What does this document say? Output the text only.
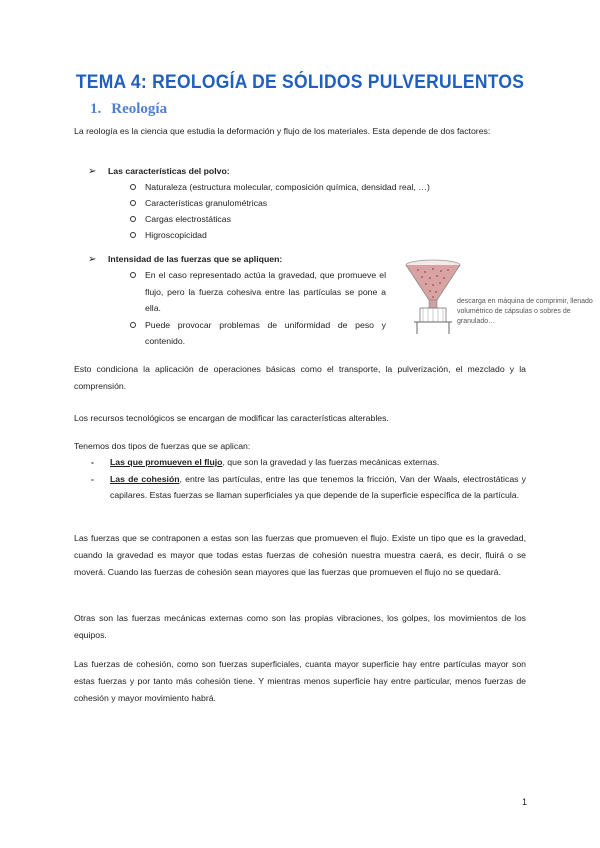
TEMA 4: REOLOGÍA DE SÓLIDOS PULVERULENTOS
1. Reología
La reología es la ciencia que estudia la deformación y flujo de los materiales. Esta depende de dos factores:
➢ Las características del polvo:
Naturaleza (estructura molecular, composición química, densidad real, …)
Características granulométricas
Cargas electrostáticas
Higroscopicidad
➢ Intensidad de las fuerzas que se apliquen:
En el caso representado actúa la gravedad, que promueve el flujo, pero la fuerza cohesiva entre las partículas se pone a ella.
Puede provocar problemas de uniformidad de peso y contenido.
descarga en máquina de comprimir, llenado volumétrico de cápsulas o sobres de granulado…
Esto condiciona la aplicación de operaciones básicas como el transporte, la pulverización, el mezclado y la comprensión.
Los recursos tecnológicos se encargan de modificar las características alterables.
Tenemos dos tipos de fuerzas que se aplican:
- Las que promueven el flujo, que son la gravedad y las fuerzas mecánicas externas.
- Las de cohesión, entre las partículas, entre las que tenemos la fricción, Van der Waals, electrostáticas y capilares. Estas fuerzas se llaman superficiales ya que depende de la superficie específica de la partícula.
Las fuerzas que se contraponen a estas son las fuerzas que promueven el flujo. Existe un tipo que es la gravedad, cuando la gravedad es mayor que todas estas fuerzas de cohesión nuestra muestra caerá, es decir, fluirá o se moverá. Cuando las fuerzas de cohesión sean mayores que las fuerzas que promueven el flujo no se quedará.
Otras son las fuerzas mecánicas externas como son las propias vibraciones, los golpes, los movimientos de los equipos.
Las fuerzas de cohesión, como son fuerzas superficiales, cuanta mayor superficie hay entre partículas mayor son estas fuerzas y por tanto más cohesión tiene. Y mientras menos superficie hay entre particular, menos fuerzas de cohesión y mayor movimiento habrá.
1
